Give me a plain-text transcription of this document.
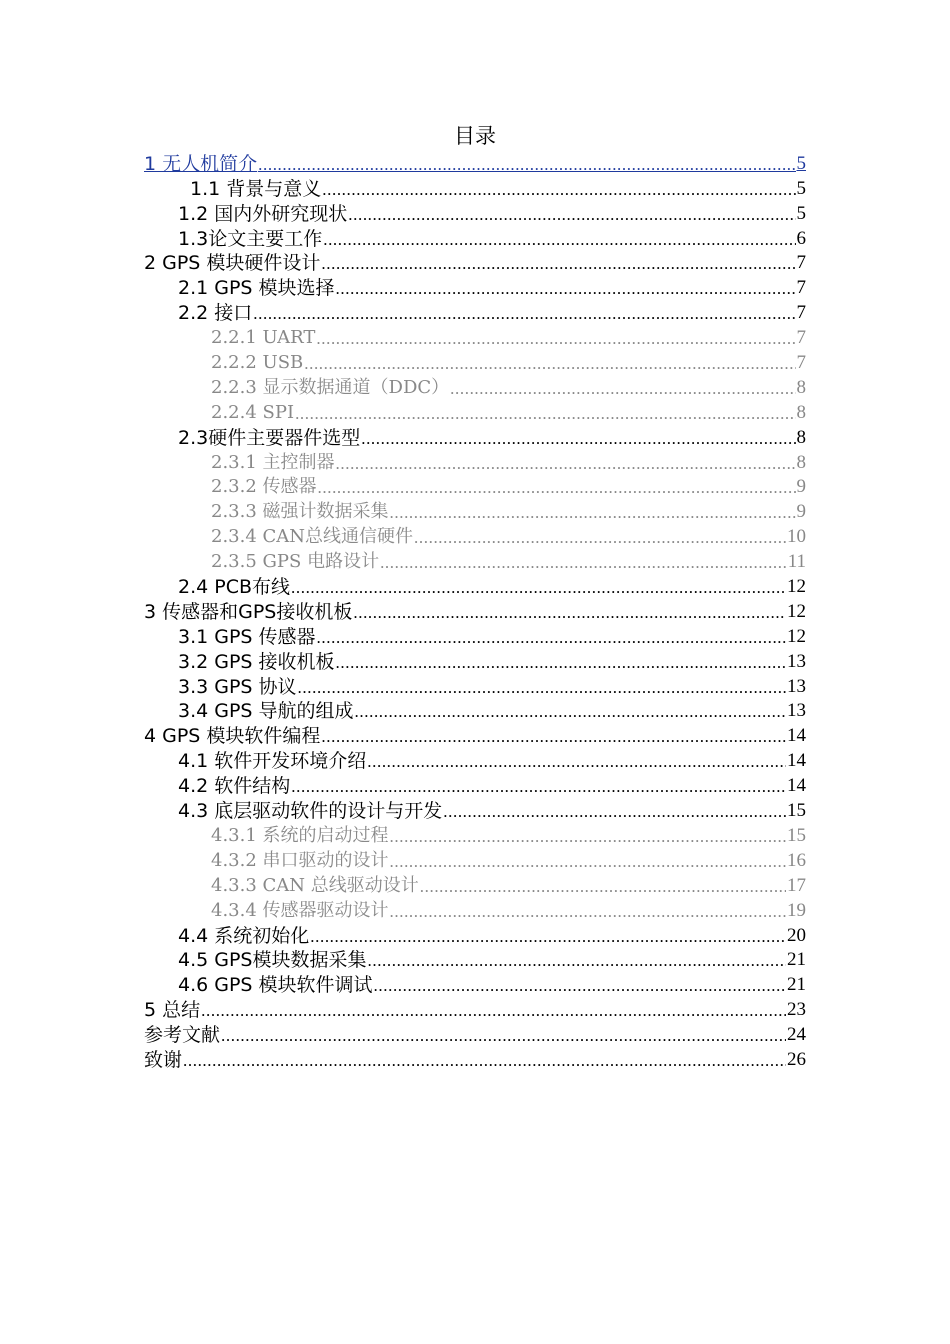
目录
1 无人机简介 .....	5
1.1 背景与意义 .....	5
1.2 国内外研究现状 .....	5
1.3论文主要工作 .....	6
2 GPS 模块硬件设计 .....	7
2.1 GPS 模块选择 .....	7
2.2 接口 .....	7
2.2.1 UART .....	7
2.2.2 USB .....	7
2.2.3 显示数据通道（DDC） .....	8
2.2.4 SPI .....	8
2.3硬件主要器件选型 .....	8
2.3.1 主控制器 .....	8
2.3.2 传感器 .....	9
2.3.3 磁强计数据采集 .....	9
2.3.4 CAN总线通信硬件 .....	10
2.3.5 GPS 电路设计 .....	11
2.4 PCB布线 .....	12
3 传感器和GPS接收机板 .....	12
3.1 GPS 传感器 .....	12
3.2 GPS 接收机板 .....	13
3.3 GPS 协议 .....	13
3.4 GPS 导航的组成 .....	13
4 GPS 模块软件编程 .....	14
4.1 软件开发环境介绍 .....	14
4.2 软件结构 .....	14
4.3 底层驱动软件的设计与开发 .....	15
4.3.1 系统的启动过程 .....	15
4.3.2 串口驱动的设计 .....	16
4.3.3 CAN 总线驱动设计 .....	17
4.3.4 传感器驱动设计 .....	19
4.4 系统初始化 .....	20
4.5 GPS模块数据采集 .....	21
4.6 GPS 模块软件调试 .....	21
5 总结 .....	23
参考文献 .....	24
致谢 .....	26
